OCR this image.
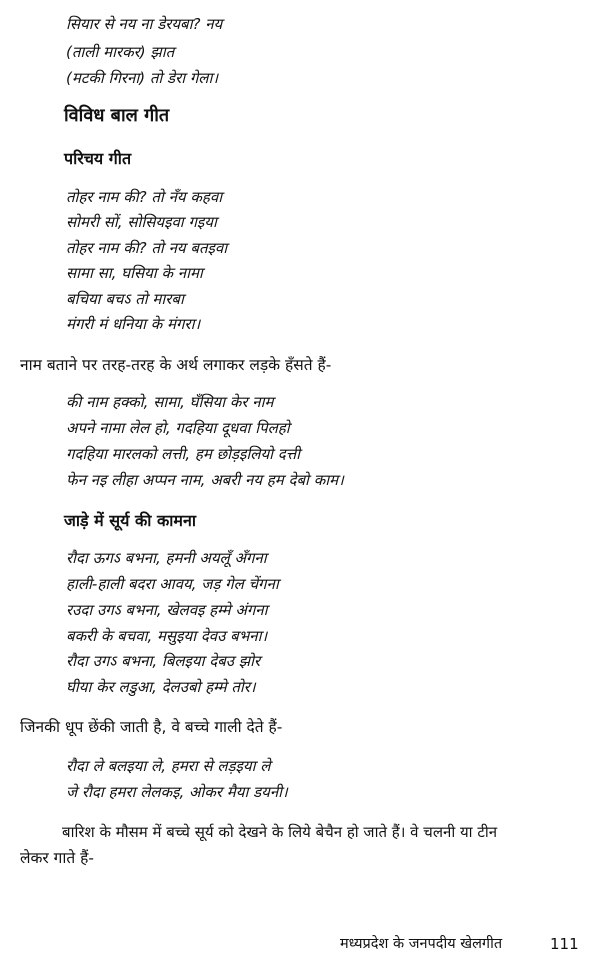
सियार से नय ना डेरयबा? नय

(ताली मारकर) झात

(मटकी गिरना) तो डेरा गेला।

विविध बाल गीत

परिचय गीत

तोहर नाम की? तो नँय कहवा

सोमरी सों, सोसियइवा गइया

तोहर नाम की? तो नय बतइवा

सामा सा, घसिया के नामा

बचिया बचऽ तो मारबा

मंगरी मं धनिया के मंगरा।

नाम बताने पर तरह-तरह के अर्थ लगाकर लड़के हँसते हैं-

की नाम हक्को, सामा, घँसिया केर नाम

अपने नामा लेल हो, गदहिया दूधवा पिलहो

गदहिया मारलको लत्ती, हम छोड़इलियो दत्ती

फेन नइ लीहा अप्पन नाम, अबरी नय हम देबो काम।

जाड़े में सूर्य की कामना

रौदा ऊगऽ बभना, हमनी अयलूँ अँगना

हाली-हाली बदरा आवय, जड़ गेल चेंगना

रउदा उगऽ बभना, खेलवइ हम्मे अंगना

बकरी के बचवा, मसुइया देवउ बभना।

रौदा उगऽ बभना, बिलइया देबउ झोर

घीया केर लडुआ, देलउबो हम्मे तोर।

जिनकी धूप छेंकी जाती है, वे बच्चे गाली देते हैं-

रौदा ले बलइया ले, हमरा से लड़इया ले

जे रौदा हमरा लेलकइ, ओकर मैया डयनी।

बारिश के मौसम में बच्चे सूर्य को देखने के लिये बेचैन हो जाते हैं। वे चलनी या टीन

लेकर गाते हैं-

मध्यप्रदेश के जनपदीय खेलगीत	111
